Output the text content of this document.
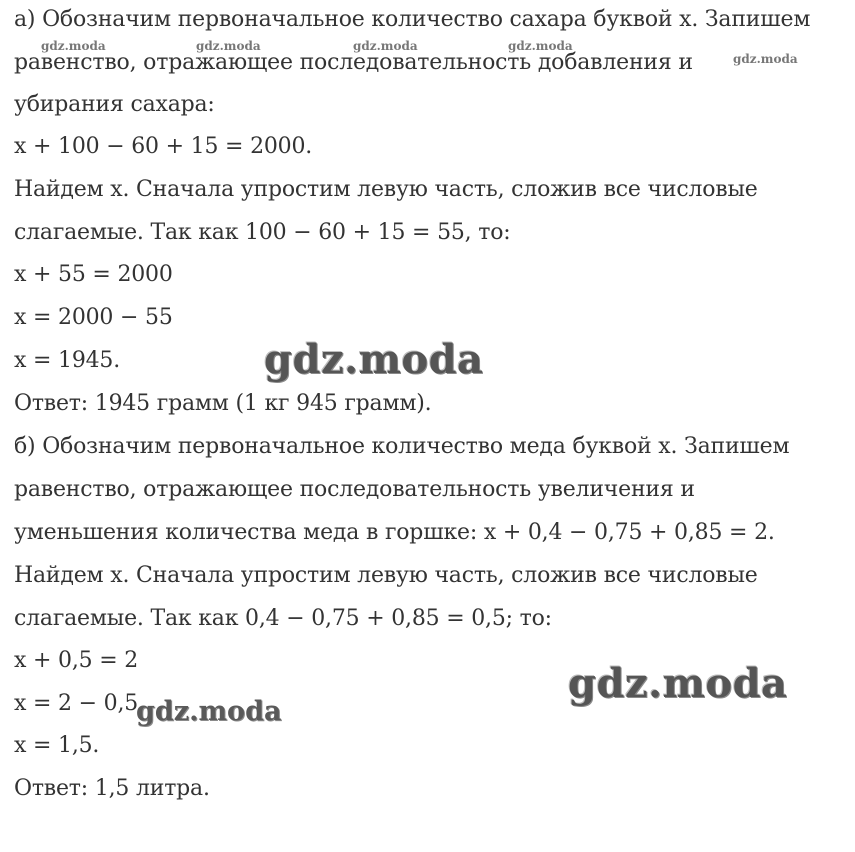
а) Обозначим первоначальное количество сахара буквой x. Запишем
равенство, отражающее последовательность добавления и
убирания сахара:
x + 100 − 60 + 15 = 2000.
Найдем x. Сначала упростим левую часть, сложив все числовые
слагаемые. Так как 100 − 60 + 15 = 55, то:
x + 55 = 2000
x = 2000 − 55
x = 1945.
Ответ: 1945 грамм (1 кг 945 грамм).
б) Обозначим первоначальное количество меда буквой x. Запишем
равенство, отражающее последовательность увеличения и
уменьшения количества меда в горшке: x + 0,4 − 0,75 + 0,85 = 2.
Найдем x. Сначала упростим левую часть, сложив все числовые
слагаемые. Так как 0,4 − 0,75 + 0,85 = 0,5; то:
x + 0,5 = 2
x = 2 − 0,5
x = 1,5.
Ответ: 1,5 литра.
gdz.moda	gdz.moda	gdz.moda	gdz.moda
gdz.moda
gdz.moda
gdz.moda
gdz.moda
